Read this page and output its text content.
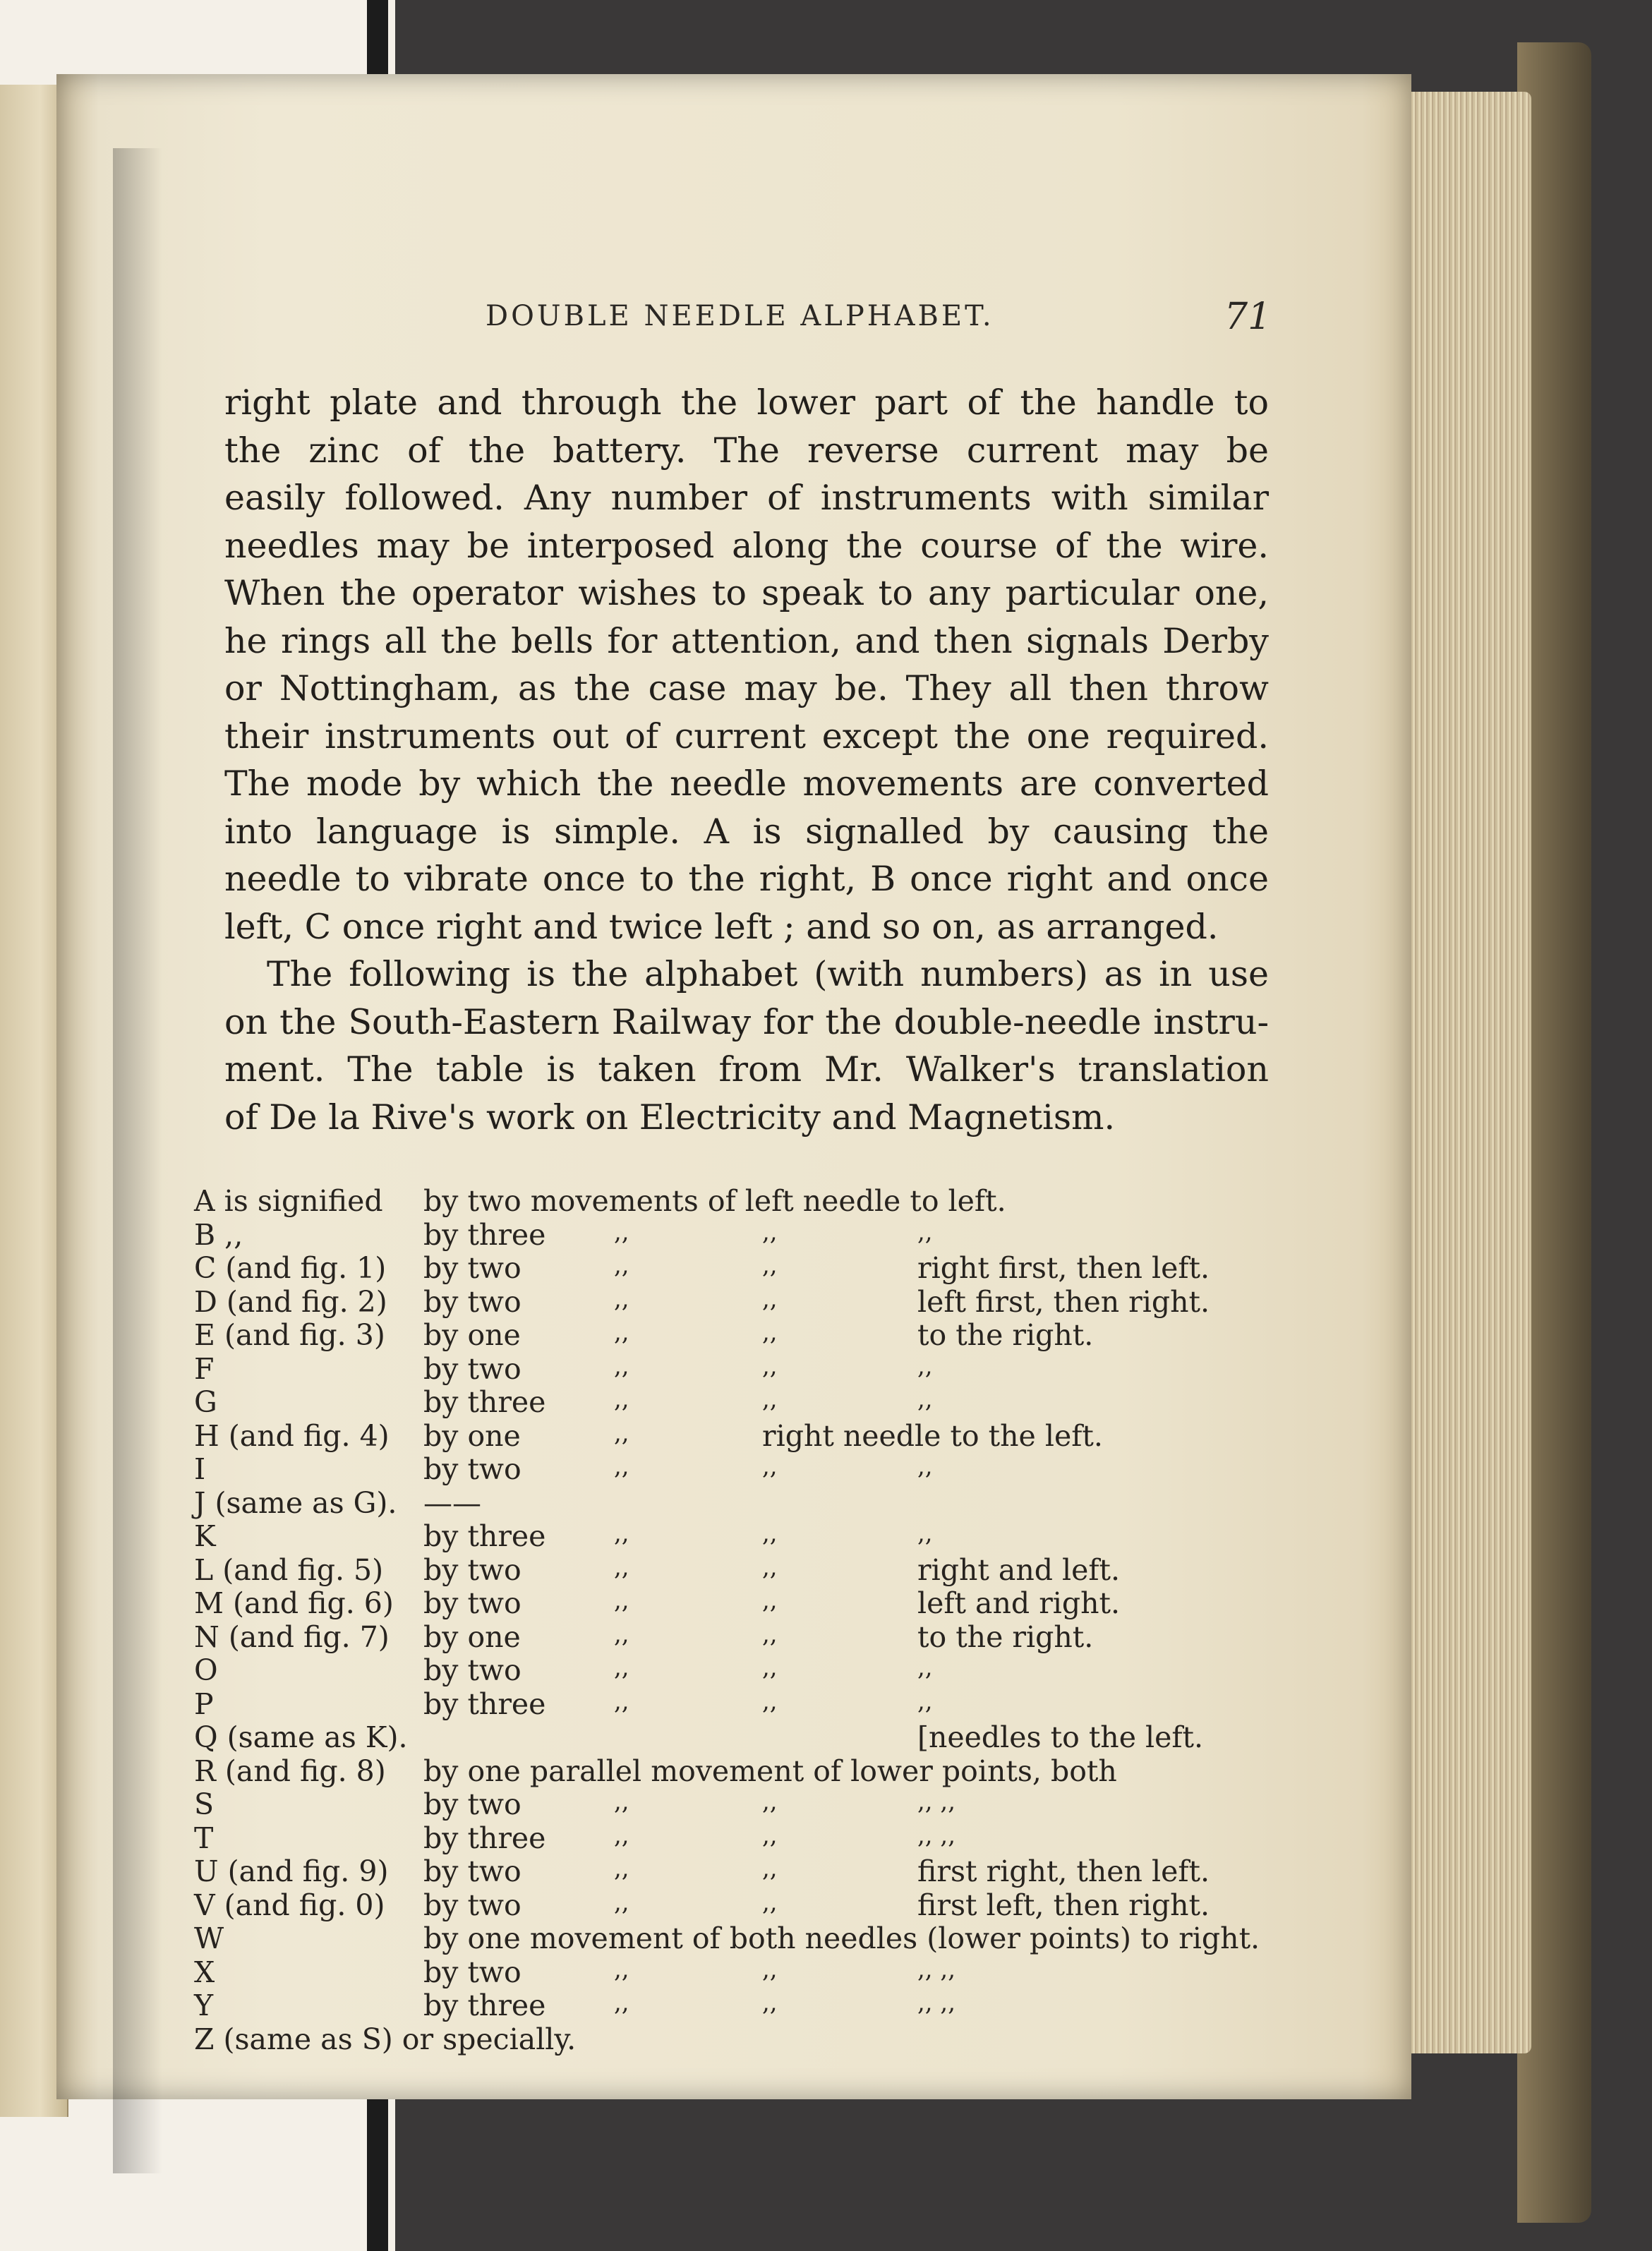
DOUBLE NEEDLE ALPHABET.	71

right plate and through the lower part of the handle to

the zinc of the battery. The reverse current may be

easily followed. Any number of instruments with similar

needles may be interposed along the course of the wire.

When the operator wishes to speak to any particular one,

he rings all the bells for attention, and then signals Derby

or Nottingham, as the case may be. They all then throw

their instruments out of current except the one required.

The mode by which the needle movements are converted

into language is simple. A is signalled by causing the

needle to vibrate once to the right, B once right and once

left, C once right and twice left ; and so on, as arranged.

The following is the alphabet (with numbers) as in use

on the South-Eastern Railway for the double-needle instru-

ment. The table is taken from Mr. Walker's translation

of De la Rive's work on Electricity and Magnetism.

A is signified by two movements of left needle to left.
B ,,	by three	,,	,,	,,
C (and fig. 1) by two	,,	,,	right first, then left.
D (and fig. 2) by two	,,	,,	left first, then right.
E (and fig. 3) by one	,,	,,	to the right.
F	by two	,,	,,	,,
G	by three	,,	,,	,,
H (and fig. 4) by one	,,	right needle to the left.
I	by two	,,	,,	,,
J (same as G). ——
K	by three	,,	,,	,,
L (and fig. 5) by two	,,	,,	right and left.
M (and fig. 6) by two	,,	,,	left and right.
N (and fig. 7) by one	,,	,,	to the right.
O	by two	,,	,,	,,
P	by three	,,	,,	,,
Q (same as K).	[needles to the left.
R (and fig. 8) by one parallel movement of lower points, both
S	by two	,,	,,	,, ,,
T	by three	,,	,,	,, ,,
U (and fig. 9) by two	,,	,,	first right, then left.
V (and fig. 0) by two	,,	,,	first left, then right.
W	by one movement of both needles (lower points) to right.
X	by two	,,	,,	,, ,,
Y	by three	,,	,,	,, ,,
Z (same as S) or specially.
